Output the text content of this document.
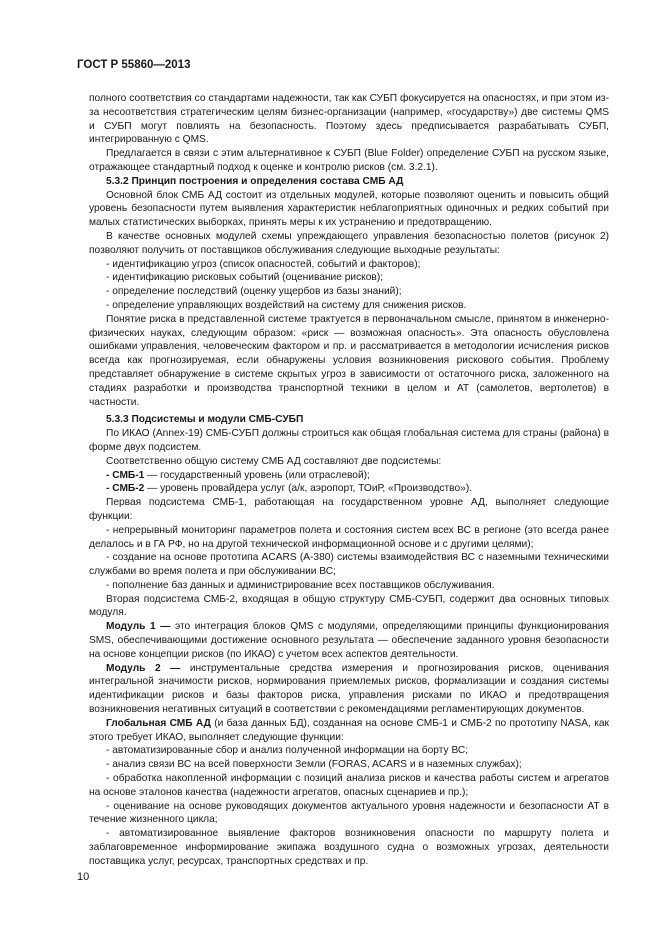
ГОСТ Р 55860—2013

полного соответствия со стандартами надежности, так как СУБП фокусируется на опасностях, и при этом из-за несоответствия стратегическим целям бизнес-организации (например, «государству») две системы QMS и СУБП могут повлиять на безопасность. Поэтому здесь предписывается разрабатывать СУБП, интегрированную с QMS.

Предлагается в связи с этим альтернативное к СУБП (Blue Folder) определение СУБП на русском языке, отражающее стандартный подход к оценке и контролю рисков (см. 3.2.1).

5.3.2 Принцип построения и определения состава СМБ АД

Основной блок СМБ АД состоит из отдельных модулей, которые позволяют оценить и повысить общий уровень безопасности путем выявления характеристик неблагоприятных одиночных и редких событий при малых статистических выборках, принять меры к их устранению и предотвращению.

В качестве основных модулей схемы упреждающего управления безопасностью полетов (рисунок 2) позволяют получить от поставщиков обслуживания следующие выходные результаты:

- идентификацию угроз (список опасностей, событий и факторов);

- идентификацию рисковых событий (оценивание рисков);

- определение последствий (оценку ущербов из базы знаний);

- определение управляющих воздействий на систему для снижения рисков.

Понятие риска в представленной системе трактуется в первоначальном смысле, принятом в инженерно-физических науках, следующим образом: «риск — возможная опасность». Эта опасность обусловлена ошибками управления, человеческим фактором и пр. и рассматривается в методологии исчисления рисков всегда как прогнозируемая, если обнаружены условия возникновения рискового события. Проблему представляет обнаружение в системе скрытых угроз в зависимости от остаточного риска, заложенного на стадиях разработки и производства транспортной техники в целом и АТ (самолетов, вертолетов) в частности.

5.3.3 Подсистемы и модули СМБ-СУБП

По ИКАО (Annex-19) СМБ-СУБП должны строиться как общая глобальная система для страны (района) в форме двух подсистем.

Соответственно общую систему СМБ АД составляют две подсистемы:

- СМБ-1 — государственный уровень (или отраслевой);

- СМБ-2 — уровень провайдера услуг (а/к, аэропорт, ТОиР, «Производство»).

Первая подсистема СМБ-1, работающая на государственном уровне АД, выполняет следующие функции:

- непрерывный мониторинг параметров полета и состояния систем всех ВС в регионе (это всегда ранее делалось и в ГА РФ, но на другой технической информационной основе и с другими целями);

- создание на основе прототипа ACARS (А-380) системы взаимодействия ВС с наземными техническими службами во время полета и при обслуживании ВС;

- пополнение баз данных и администрирование всех поставщиков обслуживания.

Вторая подсистема СМБ-2, входящая в общую структуру СМБ-СУБП, содержит два основных типовых модуля.

Модуль 1 — это интеграция блоков QMS с модулями, определяющими принципы функционирования SMS, обеспечивающими достижение основного результата — обеспечение заданного уровня безопасности на основе концепции рисков (по ИКАО) с учетом всех аспектов деятельности.

Модуль 2 — инструментальные средства измерения и прогнозирования рисков, оценивания интегральной значимости рисков, нормирования приемлемых рисков, формализации и создания системы идентификации рисков и базы факторов риска, управления рисками по ИКАО и предотвращения возникновения негативных ситуаций в соответствии с рекомендациями регламентирующих документов.

Глобальная СМБ АД (и база данных БД), созданная на основе СМБ-1 и СМБ-2 по прототипу NASA, как этого требует ИКАО, выполняет следующие функции:

- автоматизированные сбор и анализ полученной информации на борту ВС;

- анализ связи ВС на всей поверхности Земли (FORAS, ACARS и в наземных службах);

- обработка накопленной информации с позиций анализа рисков и качества работы систем и агрегатов на основе эталонов качества (надежности агрегатов, опасных сценариев и пр.);

- оценивание на основе руководящих документов актуального уровня надежности и безопасности АТ в течение жизненного цикла;

- автоматизированное выявление факторов возникновения опасности по маршруту полета и заблаговременное информирование экипажа воздушного судна о возможных угрозах, деятельности поставщика услуг, ресурсах, транспортных средствах и пр.

10
